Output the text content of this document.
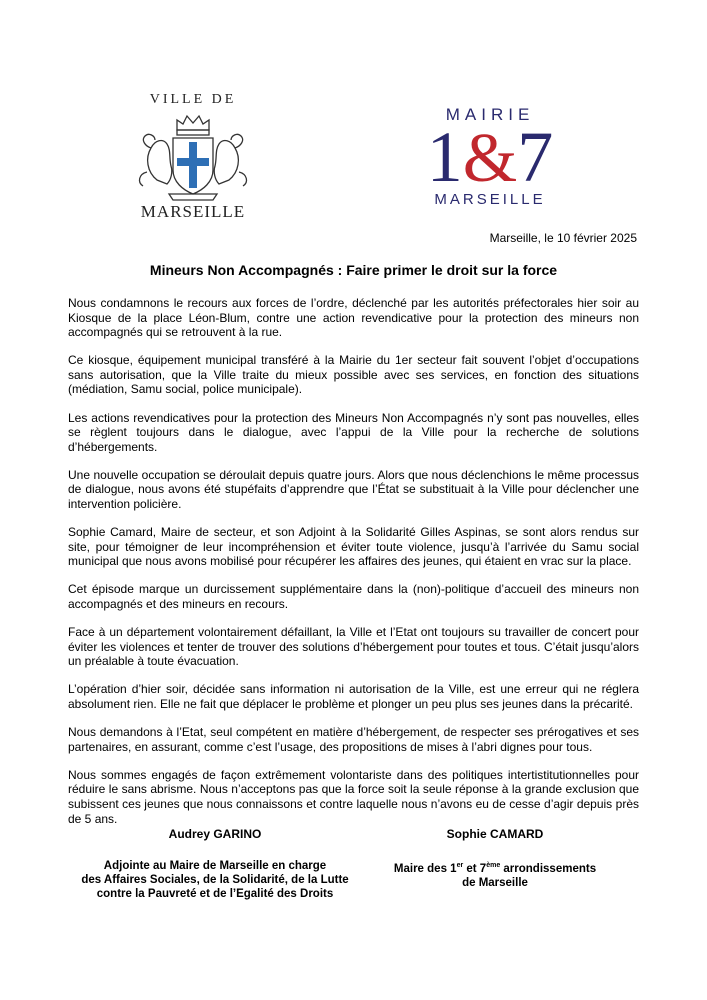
VILLE DE
MARSEILLE
MAIRIE
1&7
MARSEILLE
Marseille, le 10 février 2025
Mineurs Non Accompagnés : Faire primer le droit sur la force

Nous condamnons le recours aux forces de l’ordre, déclenché par les autorités préfectorales hier soir au Kiosque de la place Léon-Blum, contre une action revendicative pour la protection des mineurs non accompagnés qui se retrouvent à la rue.

Ce kiosque, équipement municipal transféré à la Mairie du 1er secteur fait souvent l’objet d’occupations sans autorisation, que la Ville traite du mieux possible avec ses services, en fonction des situations (médiation, Samu social, police municipale).

Les actions revendicatives pour la protection des Mineurs Non Accompagnés n’y sont pas nouvelles, elles se règlent toujours dans le dialogue, avec l’appui de la Ville pour la recherche de solutions d’hébergements.

Une nouvelle occupation se déroulait depuis quatre jours. Alors que nous déclenchions le même processus de dialogue, nous avons été stupéfaits d’apprendre que l’État se substituait à la Ville pour déclencher une intervention policière.

Sophie Camard, Maire de secteur, et son Adjoint à la Solidarité Gilles Aspinas, se sont alors rendus sur site, pour témoigner de leur incompréhension et éviter toute violence, jusqu’à l’arrivée du Samu social municipal que nous avons mobilisé pour récupérer les affaires des jeunes, qui étaient en vrac sur la place.

Cet épisode marque un durcissement supplémentaire dans la (non)-politique d’accueil des mineurs non accompagnés et des mineurs en recours.

Face à un département volontairement défaillant, la Ville et l’Etat ont toujours su travailler de concert pour éviter les violences et tenter de trouver des solutions d’hébergement pour toutes et tous. C’était jusqu’alors un préalable à toute évacuation.

L’opération d’hier soir, décidée sans information ni autorisation de la Ville, est une erreur qui ne réglera absolument rien. Elle ne fait que déplacer le problème et plonger un peu plus ses jeunes dans la précarité.

Nous demandons à l’Etat, seul compétent en matière d’hébergement, de respecter ses prérogatives et ses partenaires, en assurant, comme c’est l’usage, des propositions de mises à l’abri dignes pour tous.

Nous sommes engagés de façon extrêmement volontariste dans des politiques intertistitutionnelles pour réduire le sans abrisme. Nous n’acceptons pas que la force soit la seule réponse à la grande exclusion que subissent ces jeunes que nous connaissons et contre laquelle nous n’avons eu de cesse d’agir depuis près de 5 ans.

Audrey GARINO
Adjointe au Maire de Marseille en charge
des Affaires Sociales, de la Solidarité, de la Lutte
contre la Pauvreté et de l’Egalité des Droits
Sophie CAMARD
Maire des 1er et 7ème arrondissements
de Marseille
